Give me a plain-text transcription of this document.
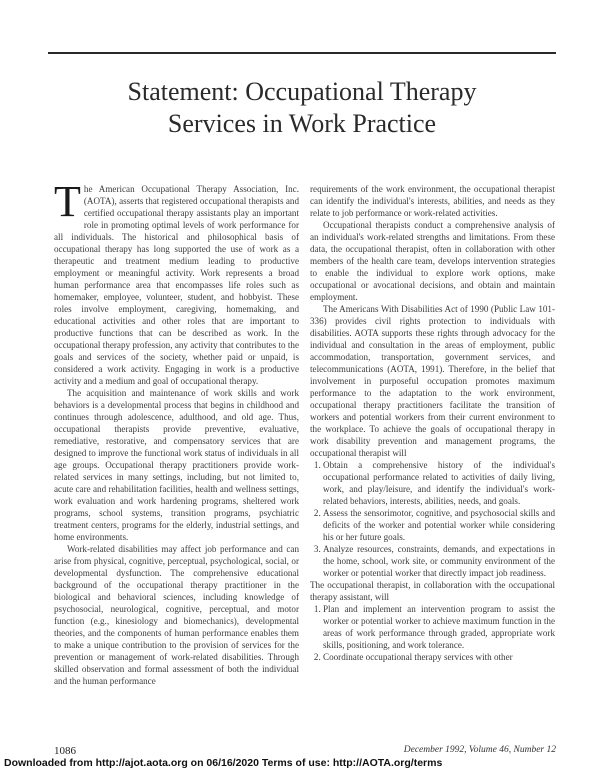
Statement: Occupational Therapy
Services in Work Practice

The American Occupational Therapy Association, Inc. (AOTA), asserts that registered occupational therapists and certified occupational therapy assistants play an important role in promoting optimal levels of work performance for all individuals. The historical and philosophical basis of occupational therapy has long supported the use of work as a therapeutic and treatment medium leading to productive employment or meaningful activity. Work represents a broad human performance area that encompasses life roles such as homemaker, employee, volunteer, student, and hobbyist. These roles involve employment, caregiving, homemaking, and educational activities and other roles that are important to productive functions that can be described as work. In the occupational therapy profession, any activity that contributes to the goals and services of the society, whether paid or unpaid, is considered a work activity. Engaging in work is a productive activity and a medium and goal of occupational therapy.

The acquisition and maintenance of work skills and work behaviors is a developmental process that begins in childhood and continues through adolescence, adulthood, and old age. Thus, occupational therapists provide preventive, evaluative, remediative, restorative, and compensatory services that are designed to improve the functional work status of individuals in all age groups. Occupational therapy practitioners provide work-related services in many settings, including, but not limited to, acute care and rehabilitation facilities, health and wellness settings, work evaluation and work hardening programs, sheltered work programs, school systems, transition programs, psychiatric treatment centers, programs for the elderly, industrial settings, and home environments.

Work-related disabilities may affect job performance and can arise from physical, cognitive, perceptual, psychological, social, or developmental dysfunction. The comprehensive educational background of the occupational therapy practitioner in the biological and behavioral sciences, including knowledge of psychosocial, neurological, cognitive, perceptual, and motor function (e.g., kinesiology and biomechanics), developmental theories, and the components of human performance enables them to make a unique contribution to the provision of services for the prevention or management of work-related disabilities. Through skilled observation and formal assessment of both the individual and the human performance

requirements of the work environment, the occupational therapist can identify the individual's interests, abilities, and needs as they relate to job performance or work-related activities.

Occupational therapists conduct a comprehensive analysis of an individual's work-related strengths and limitations. From these data, the occupational therapist, often in collaboration with other members of the health care team, develops intervention strategies to enable the individual to explore work options, make occupational or avocational decisions, and obtain and maintain employment.

The Americans With Disabilities Act of 1990 (Public Law 101-336) provides civil rights protection to individuals with disabilities. AOTA supports these rights through advocacy for the individual and consultation in the areas of employment, public accommodation, transportation, government services, and telecommunications (AOTA, 1991). Therefore, in the belief that involvement in purposeful occupation promotes maximum performance to the adaptation to the work environment, occupational therapy practitioners facilitate the transition of workers and potential workers from their current environment to the workplace. To achieve the goals of occupational therapy in work disability prevention and management programs, the occupational therapist will

1. Obtain a comprehensive history of the individual's occupational performance related to activities of daily living, work, and play/leisure, and identify the individual's work-related behaviors, interests, abilities, needs, and goals.
2. Assess the sensorimotor, cognitive, and psychosocial skills and deficits of the worker and potential worker while considering his or her future goals.
3. Analyze resources, constraints, demands, and expectations in the home, school, work site, or community environment of the worker or potential worker that directly impact job readiness.

The occupational therapist, in collaboration with the occupational therapy assistant, will

1. Plan and implement an intervention program to assist the worker or potential worker to achieve maximum function in the areas of work performance through graded, appropriate work skills, positioning, and work tolerance.
2. Coordinate occupational therapy services with other
1086	December 1992, Volume 46, Number 12
Downloaded from http://ajot.aota.org on 06/16/2020 Terms of use: http://AOTA.org/terms
